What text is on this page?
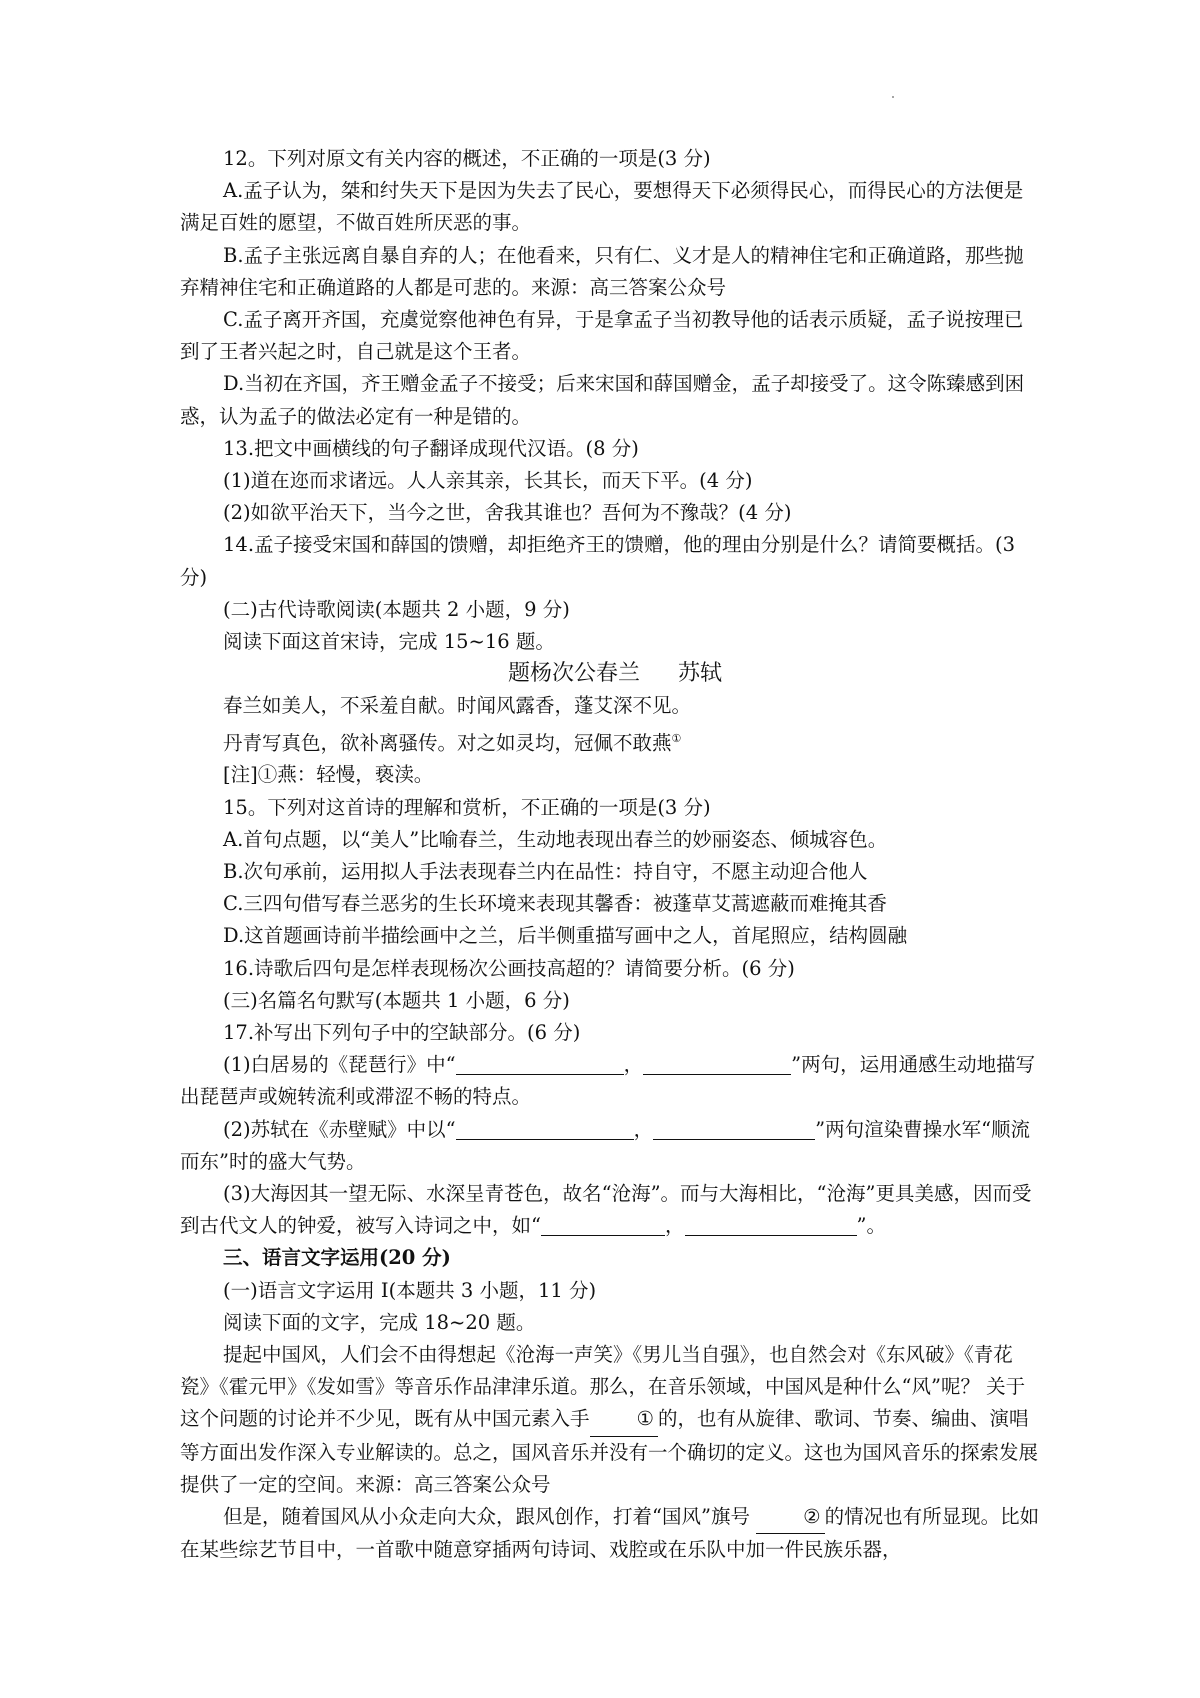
12。下列对原文有关内容的概述，不正确的一项是(3 分)

A.孟子认为，桀和纣失天下是因为失去了民心，要想得天下必须得民心，而得民心的方法便是满足百姓的愿望，不做百姓所厌恶的事。

B.孟子主张远离自暴自弃的人；在他看来，只有仁、义才是人的精神住宅和正确道路，那些抛弃精神住宅和正确道路的人都是可悲的。来源：高三答案公众号

C.孟子离开齐国，充虞觉察他神色有异，于是拿孟子当初教导他的话表示质疑，孟子说按理已到了王者兴起之时，自己就是这个王者。

D.当初在齐国，齐王赠金孟子不接受；后来宋国和薛国赠金，孟子却接受了。这令陈臻感到困惑，认为孟子的做法必定有一种是错的。

13.把文中画横线的句子翻译成现代汉语。(8 分)

(1)道在迩而求诸远。人人亲其亲，长其长，而天下平。(4 分)

(2)如欲平治天下，当今之世，舍我其谁也？吾何为不豫哉？(4 分)

14.孟子接受宋国和薛国的馈赠，却拒绝齐王的馈赠，他的理由分别是什么？请简要概括。(3 分)

(二)古代诗歌阅读(本题共 2 小题，9 分)

阅读下面这首宋诗，完成 15~16 题。

题杨次公春兰 苏轼

春兰如美人，不采羞自献。时闻风露香，蓬艾深不见。

丹青写真色，欲补离骚传。对之如灵均，冠佩不敢燕①

[注]①燕：轻慢，亵渎。

15。下列对这首诗的理解和赏析，不正确的一项是(3 分)

A.首句点题，以“美人”比喻春兰，生动地表现出春兰的妙丽姿态、倾城容色。

B.次句承前，运用拟人手法表现春兰内在品性：持自守，不愿主动迎合他人

C.三四句借写春兰恶劣的生长环境来表现其馨香：被蓬草艾蒿遮蔽而难掩其香

D.这首题画诗前半描绘画中之兰，后半侧重描写画中之人，首尾照应，结构圆融

16.诗歌后四句是怎样表现杨次公画技高超的？请简要分析。(6 分)

(三)名篇名句默写(本题共 1 小题，6 分)

17.补写出下列句子中的空缺部分。(6 分)

(1)白居易的《琵琶行》中“	，	”两句，运用通感生动地描写出琵琶声或婉转流利或滞涩不畅的特点。

(2)苏轼在《赤壁赋》中以“	，	”两句渲染曹操水军“顺流而东”时的盛大气势。

(3)大海因其一望无际、水深呈青苍色，故名“沧海”。而与大海相比，“沧海”更具美感，因而受到古代文人的钟爱，被写入诗词之中，如“	，	”。

三、语言文字运用(20 分)

(一)语言文字运用 I(本题共 3 小题，11 分)

阅读下面的文字，完成 18~20 题。

提起中国风，人们会不由得想起《沧海一声笑》《男儿当自强》，也自然会对《东风破》《青花瓷》《霍元甲》《发如雪》等音乐作品津津乐道。那么，在音乐领域，中国风是种什么“风”呢？ 关于这个问题的讨论并不少见，既有从中国元素入手 ① 的，也有从旋律、歌词、节奏、编曲、演唱等方面出发作深入专业解读的。总之，国风音乐并没有一个确切的定义。这也为国风音乐的探索发展提供了一定的空间。来源：高三答案公众号

但是，随着国风从小众走向大众，跟风创作，打着“国风”旗号 ② 的情况也有所显现。比如在某些综艺节目中，一首歌中随意穿插两句诗词、戏腔或在乐队中加一件民族乐器，
